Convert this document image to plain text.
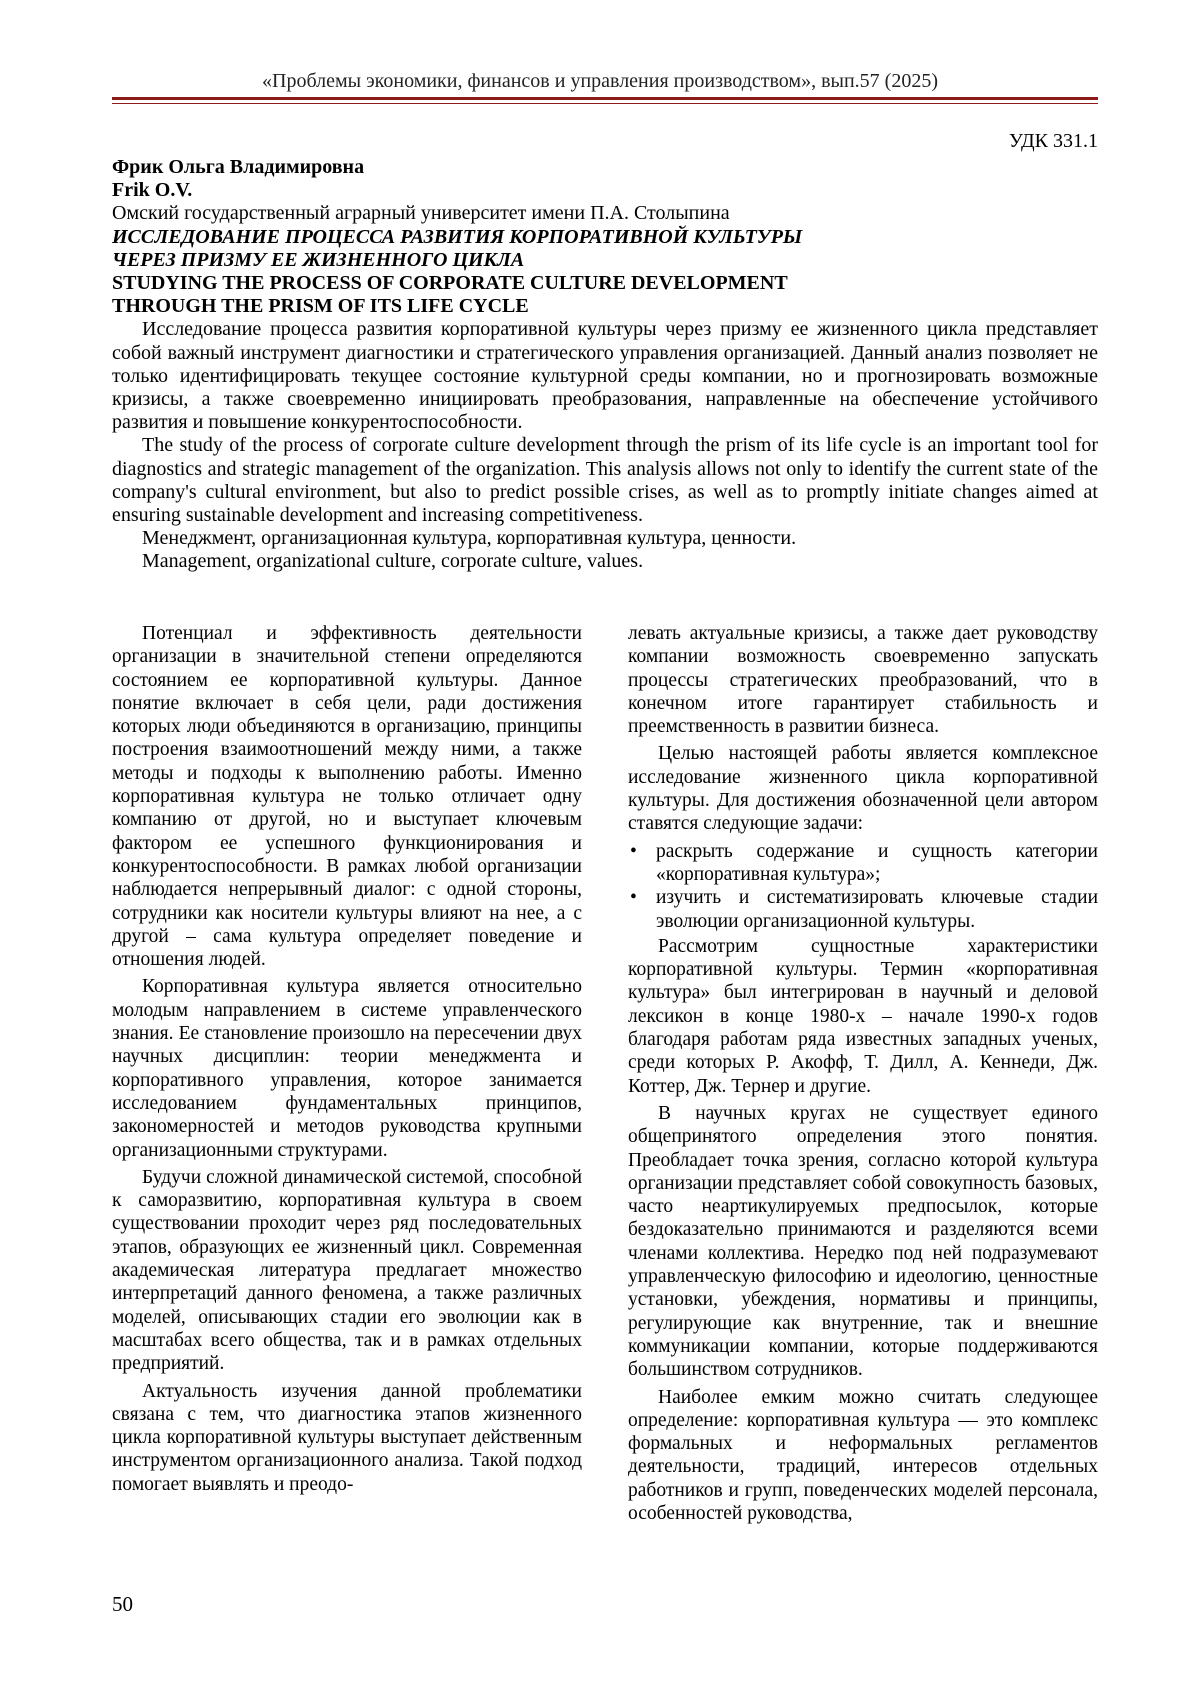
«Проблемы экономики, финансов и управления производством», вып.57 (2025)
УДК 331.1
Фрик Ольга Владимировна
Frik O.V.
Омский государственный аграрный университет имени П.А. Столыпина
ИССЛЕДОВАНИЕ ПРОЦЕССА РАЗВИТИЯ КОРПОРАТИВНОЙ КУЛЬТУРЫ
ЧЕРЕЗ ПРИЗМУ ЕЕ ЖИЗНЕННОГО ЦИКЛА
STUDYING THE PROCESS OF CORPORATE CULTURE DEVELOPMENT
THROUGH THE PRISM OF ITS LIFE CYCLE

Исследование процесса развития корпоративной культуры через призму ее жизненного цикла представляет собой важный инструмент диагностики и стратегического управления организацией. Данный анализ позволяет не только идентифицировать текущее состояние культурной среды компании, но и прогнозировать возможные кризисы, а также своевременно инициировать преобразования, направленные на обеспечение устойчивого развития и повышение конкурентоспособности.

The study of the process of corporate culture development through the prism of its life cycle is an important tool for diagnostics and strategic management of the organization. This analysis allows not only to identify the current state of the company's cultural environment, but also to predict possible crises, as well as to promptly initiate changes aimed at ensuring sustainable development and increasing competitiveness.

Менеджмент, организационная культура, корпоративная культура, ценности.

Management, organizational culture, corporate culture, values.

Потенциал и эффективность деятельности организации в значительной степени определяются состоянием ее корпоративной культуры. Данное понятие включает в себя цели, ради достижения которых люди объединяются в организацию, принципы построения взаимоотношений между ними, а также методы и подходы к выполнению работы. Именно корпоративная культура не только отличает одну компанию от другой, но и выступает ключевым фактором ее успешного функционирования и конкурентоспособности. В рамках любой организации наблюдается непрерывный диалог: с одной стороны, сотрудники как носители культуры влияют на нее, а с другой – сама культура определяет поведение и отношения людей.

Корпоративная культура является относительно молодым направлением в системе управленческого знания. Ее становление произошло на пересечении двух научных дисциплин: теории менеджмента и корпоративного управления, которое занимается исследованием фундаментальных принципов, закономерностей и методов руководства крупными организационными структурами.

Будучи сложной динамической системой, способной к саморазвитию, корпоративная культура в своем существовании проходит через ряд последовательных этапов, образующих ее жизненный цикл. Современная академическая литература предлагает множество интерпретаций данного феномена, а также различных моделей, описывающих стадии его эволюции как в масштабах всего общества, так и в рамках отдельных предприятий.

Актуальность изучения данной проблематики связана с тем, что диагностика этапов жизненного цикла корпоративной культуры выступает действенным инструментом организационного анализа. Такой подход помогает выявлять и преодо-

левать актуальные кризисы, а также дает руководству компании возможность своевременно запускать процессы стратегических преобразований, что в конечном итоге гарантирует стабильность и преемственность в развитии бизнеса.

Целью настоящей работы является комплексное исследование жизненного цикла корпоративной культуры. Для достижения обозначенной цели автором ставятся следующие задачи:

• раскрыть содержание и сущность категории «корпоративная культура»;
• изучить и систематизировать ключевые стадии эволюции организационной культуры.

Рассмотрим сущностные характеристики корпоративной культуры. Термин «корпоративная культура» был интегрирован в научный и деловой лексикон в конце 1980-х – начале 1990-х годов благодаря работам ряда известных западных ученых, среди которых Р. Акофф, Т. Дилл, А. Кеннеди, Дж. Коттер, Дж. Тернер и другие.

В научных кругах не существует единого общепринятого определения этого понятия. Преобладает точка зрения, согласно которой культура организации представляет собой совокупность базовых, часто неартикулируемых предпосылок, которые бездоказательно принимаются и разделяются всеми членами коллектива. Нередко под ней подразумевают управленческую философию и идеологию, ценностные установки, убеждения, нормативы и принципы, регулирующие как внутренние, так и внешние коммуникации компании, которые поддерживаются большинством сотрудников.

Наиболее емким можно считать следующее определение: корпоративная культура — это комплекс формальных и неформальных регламентов деятельности, традиций, интересов отдельных работников и групп, поведенческих моделей персонала, особенностей руководства,

50
